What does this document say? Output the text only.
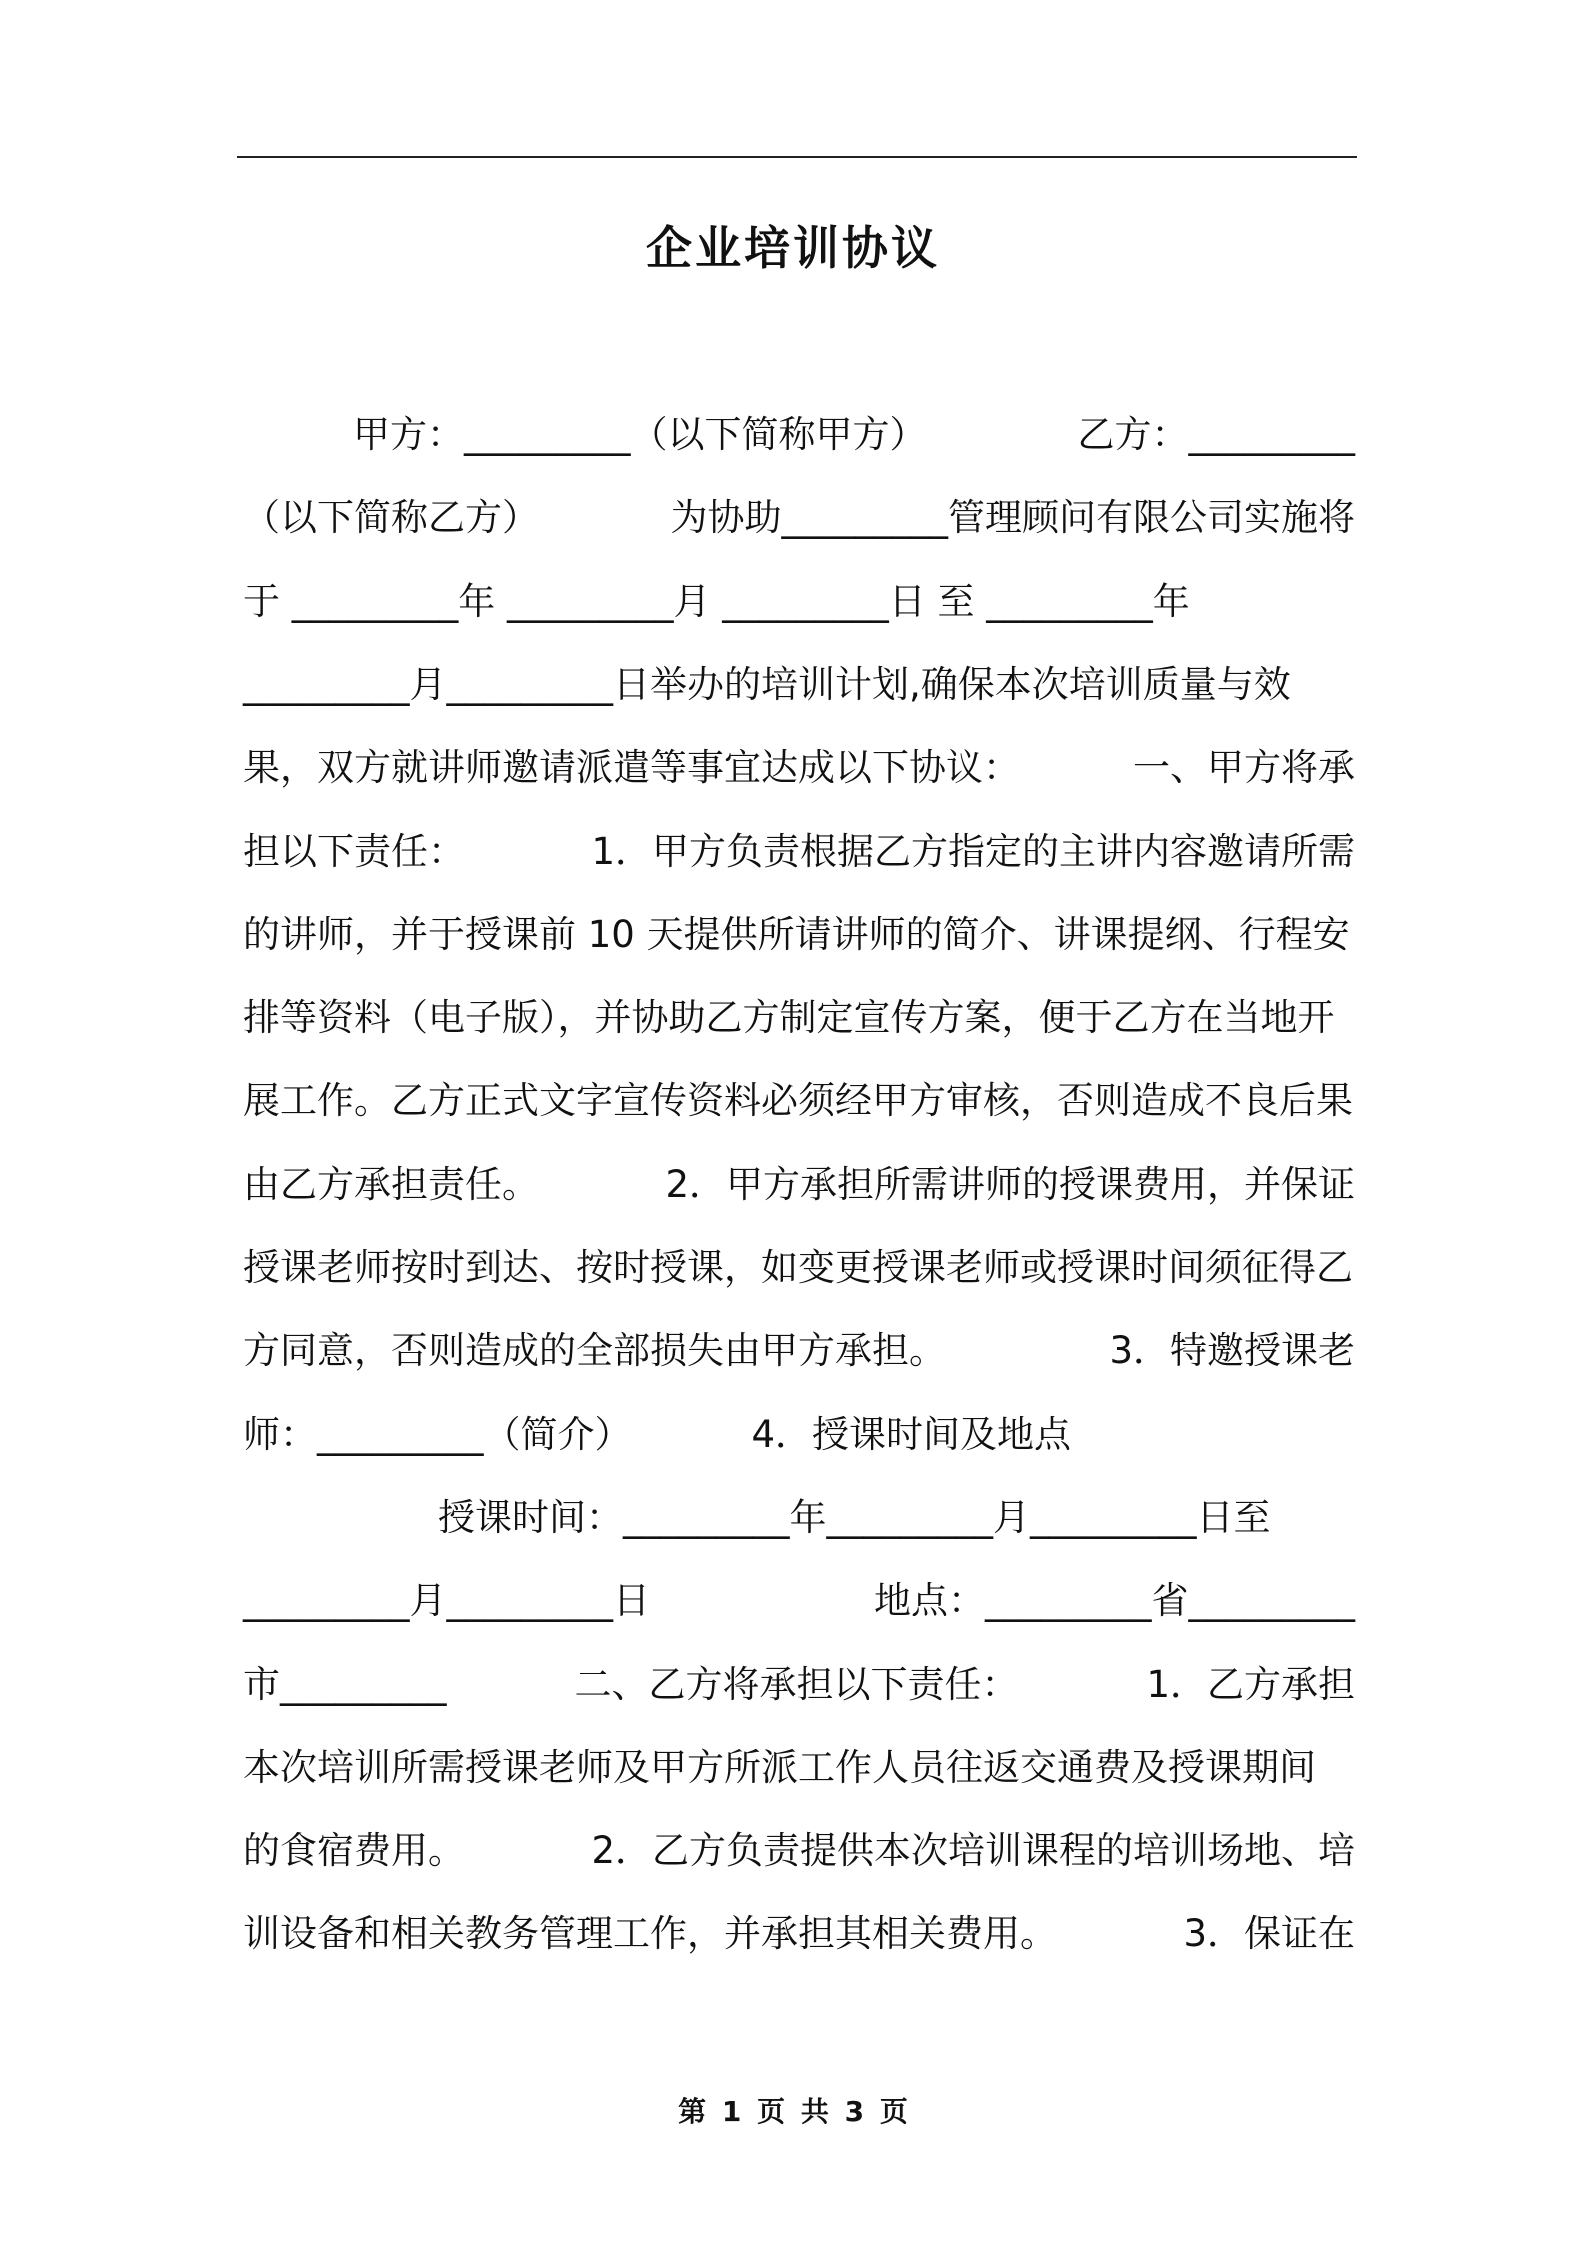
企业培训协议
甲方：_________（以下简称甲方）	乙方：_________
（以下简称乙方）	为协助_________管理顾问有限公司实施将
于 _________年 _________月 _________日 至 _________年
_________月_________日举办的培训计划,确保本次培训质量与效
果，双方就讲师邀请派遣等事宜达成以下协议：	一、甲方将承
担以下责任：	1．甲方负责根据乙方指定的主讲内容邀请所需
的讲师，并于授课前 10 天提供所请讲师的简介、讲课提纲、行程安
排等资料（电子版），并协助乙方制定宣传方案，便于乙方在当地开
展工作。乙方正式文字宣传资料必须经甲方审核，否则造成不良后果
由乙方承担责任。	2．甲方承担所需讲师的授课费用，并保证
授课老师按时到达、按时授课，如变更授课老师或授课时间须征得乙
方同意，否则造成的全部损失由甲方承担。	3．特邀授课老
师：_________（简介）	4．授课时间及地点
授课时间：_________年_________月_________日至
_________月_________日	地点：_________省_________
市_________	二、乙方将承担以下责任：	1．乙方承担
本次培训所需授课老师及甲方所派工作人员往返交通费及授课期间
的食宿费用。	2．乙方负责提供本次培训课程的培训场地、培
训设备和相关教务管理工作，并承担其相关费用。	3．保证在
第 1 页 共 3 页
